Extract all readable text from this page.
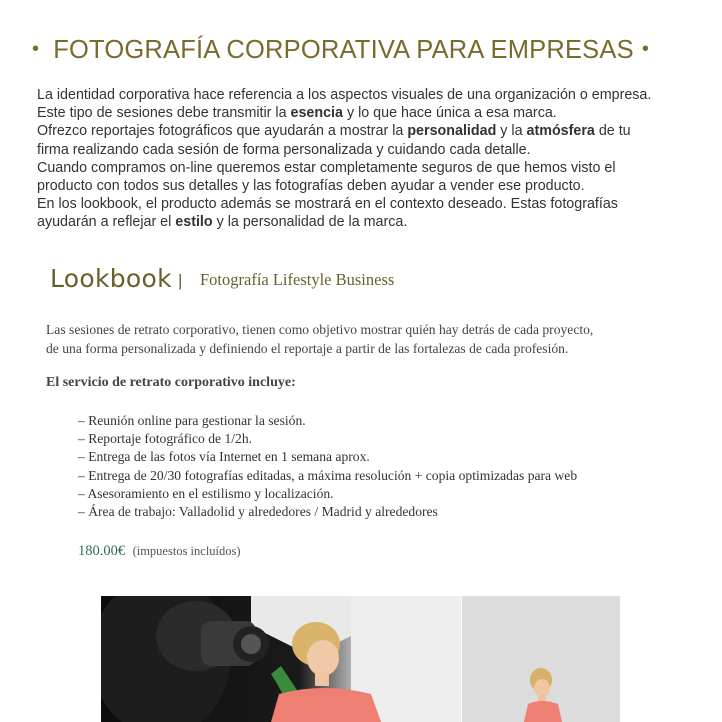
• FOTOGRAFÍA CORPORATIVA PARA EMPRESAS •

La identidad corporativa hace referencia a los aspectos visuales de una organización o empresa.

Este tipo de sesiones debe transmitir la esencia y lo que hace única a esa marca.

Ofrezco reportajes fotográficos que ayudarán a mostrar la personalidad y la atmósfera de tu

firma realizando cada sesión de forma personalizada y cuidando cada detalle.

Cuando compramos on-line queremos estar completamente seguros de que hemos visto el

producto con todos sus detalles y las fotografías deben ayudar a vender ese producto.

En los lookbook, el producto además se mostrará en el contexto deseado. Estas fotografías

ayudarán a reflejar el estilo y la personalidad de la marca.

Lookbook | Fotografía Lifestyle Business

Las sesiones de retrato corporativo, tienen como objetivo mostrar quién hay detrás de cada proyecto,

de una forma personalizada y definiendo el reportaje a partir de las fortalezas de cada profesión.

El servicio de retrato corporativo incluye:
– Reunión online para gestionar la sesión.
– Reportaje fotográfico de 1/2h.
– Entrega de las fotos vía Internet en 1 semana aprox.
– Entrega de 20/30 fotografías editadas, a máxima resolución + copia optimizadas para web
– Asesoramiento en el estilismo y localización.
– Área de trabajo: Valladolid y alrededores / Madrid y alrededores
180.00€ (impuestos incluídos)
